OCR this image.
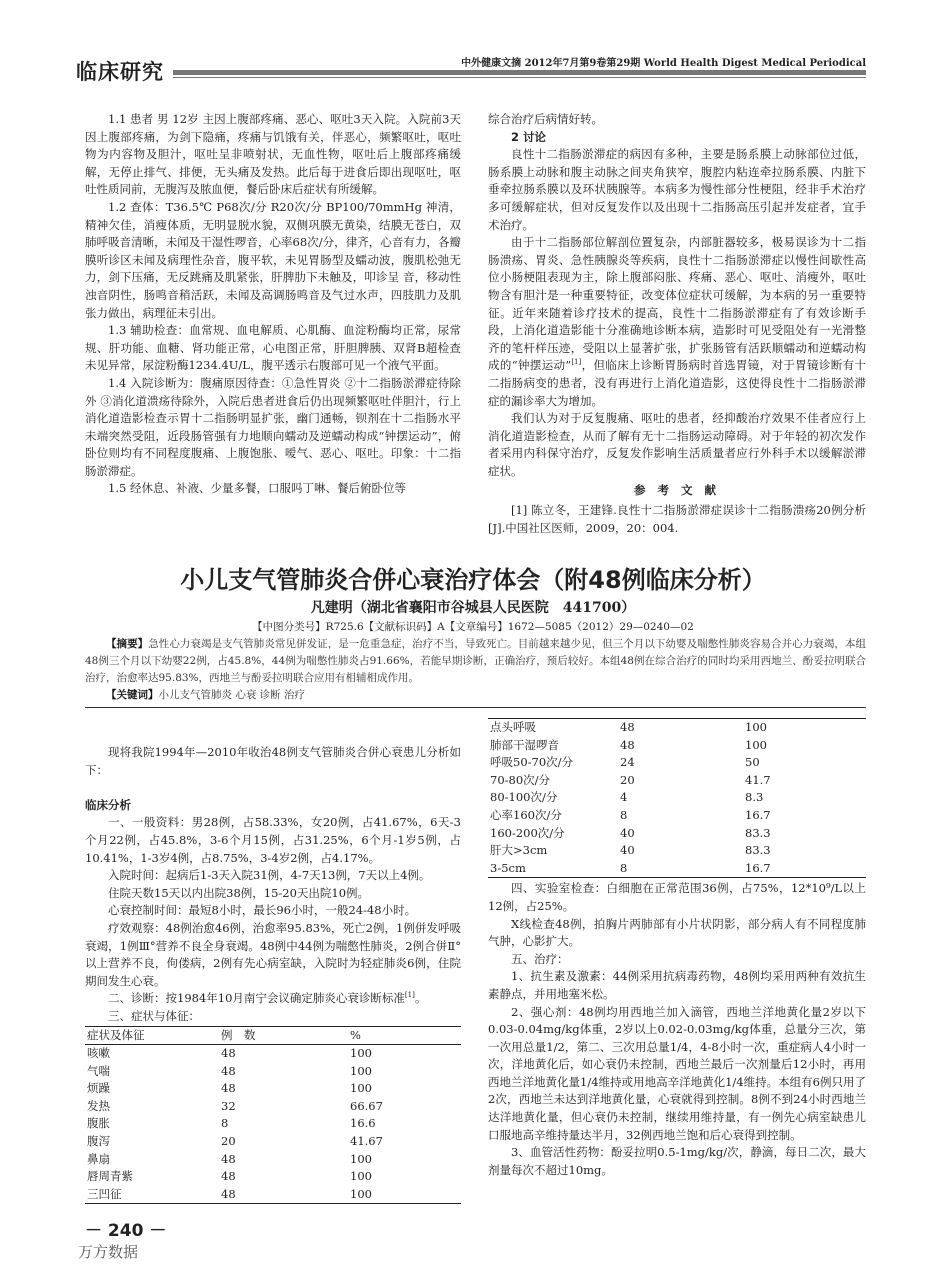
临床研究	中外健康文摘 2012年7月第9卷第29期 World Health Digest Medical Periodical

1.1 患者 男 12岁 主因上腹部疼痛、恶心、呕吐3天入院。入院前3天因上腹部疼痛，为剑下隐痛，疼痛与饥饿有关，伴恶心，频繁呕吐，呕吐物为内容物及胆汁，呕吐呈非喷射状，无血性物，呕吐后上腹部疼痛缓解，无停止排气、排便，无头痛及发热。此后每于进食后即出现呕吐，呕吐性质同前，无腹泻及脓血便，餐后卧床后症状有所缓解。

1.2 查体：T36.5℃ P68次/分 R20次/分 BP100/70mmHg 神清，精神欠佳，消瘦体质，无明显脱水貌，双侧巩膜无黄染，结膜无苍白，双肺呼吸音清晰，未闻及干湿性啰音，心率68次/分，律齐，心音有力，各瓣膜听诊区未闻及病理性杂音，腹平软，未见胃肠型及蠕动波，腹肌松弛无力，剑下压痛，无反跳痛及肌紧张，肝脾肋下未触及，叩诊呈 音，移动性浊音阴性，肠鸣音稍活跃，未闻及高调肠鸣音及气过水声，四肢肌力及肌张力做出，病理征未引出。

1.3 辅助检查：血常规、血电解质、心肌酶、血淀粉酶均正常，尿常规、肝功能、血糖、肾功能正常，心电图正常，肝胆脾胰、双肾B超检查未见异常，尿淀粉酶1234.4U/L，腹平透示右腹部可见一个液气平面。

1.4 入院诊断为：腹痛原因待查：①急性胃炎 ②十二指肠淤滞症待除外 ③消化道溃疡待除外，入院后患者进食后仍出现频繁呕吐伴胆汁，行上消化道造影检查示胃十二指肠明显扩张，幽门通畅，钡剂在十二指肠水平未端突然受阻，近段肠管强有力地顺向蠕动及逆蠕动构成“钟摆运动”，俯卧位则均有不同程度腹痛、上腹饱胀、嗳气、恶心、呕吐。印象：十二指肠淤滞症。

1.5 经休息、补液、少量多餐，口服吗丁啉、餐后俯卧位等

综合治疗后病情好转。

2 讨论

良性十二指肠淤滞症的病因有多种，主要是肠系膜上动脉部位过低，肠系膜上动脉和腹主动脉之间夹角狭窄，腹腔内粘连牵拉肠系膜、内脏下垂牵拉肠系膜以及环状胰腺等。本病多为慢性部分性梗阻，经非手术治疗多可缓解症状，但对反复发作以及出现十二指肠高压引起并发症者，宜手术治疗。

由于十二指肠部位解剖位置复杂，内部脏器较多，极易误诊为十二指肠溃疡、胃炎、急性胰腺炎等疾病，良性十二指肠淤滞症以慢性间歇性高位小肠梗阻表现为主，除上腹部闷胀、疼痛、恶心、呕吐、消瘦外，呕吐物含有胆汁是一种重要特征，改变体位症状可缓解，为本病的另一重要特征。近年来随着诊疗技术的提高，良性十二指肠淤滞症有了有效诊断手段，上消化道造影能十分准确地诊断本病，造影时可见受阻处有一光滑整齐的笔杆样压迹，受阻以上显著扩张，扩张肠管有活跃顺蠕动和逆蠕动构成的“钟摆运动”[1]，但临床上诊断胃肠病时首选胃镜，对于胃镜诊断有十二指肠病变的患者，没有再进行上消化道造影，这使得良性十二指肠淤滞症的漏诊率大为增加。

我们认为对于反复腹痛、呕吐的患者，经抑酸治疗效果不佳者应行上消化道造影检查，从而了解有无十二指肠运动障碍。对于年轻的初次发作者采用内科保守治疗，反复发作影响生活质量者应行外科手术以缓解淤滞症状。

参 考 文 献

[1] 陈立冬，王建锋.良性十二指肠淤滞症误诊十二指肠溃疡20例分析[J].中国社区医师，2009，20：004.

小儿支气管肺炎合併心衰治疗体会（附48例临床分析）
凡建明（湖北省襄阳市谷城县人民医院　441700）
【中图分类号】R725.6【文献标识码】A【文章编号】1672—5085（2012）29—0240—02

【摘要】急性心力衰竭是支气管肺炎常见併发证，是一危重急症，治疗不当，导致死亡。目前越来越少见，但三个月以下幼婴及喘憋性肺炎容易合并心力衰竭，本组48例三个月以下幼婴22例，占45.8%，44例为喘憋性肺炎占91.66%，若能早期诊断，正确治疗，预后较好。本组48例在综合治疗的同时均采用西地兰、酚妥拉明联合治疗，治愈率达95.83%，西地兰与酚妥拉明联合应用有相辅相成作用。

【关键词】小儿支气管肺炎 心衰 诊断 治疗

现将我院1994年—2010年收治48例支气管肺炎合併心衰患儿分析如下：

临床分析

一、一般资料：男28例，占58.33%，女20例，占41.67%，6天-3个月22例，占45.8%，3-6个月15例，占31.25%，6个月-1岁5例，占10.41%，1-3岁4例，占8.75%，3-4岁2例，占4.17%。

入院时间：起病后1-3天入院31例，4-7天13例，7天以上4例。

住院天数15天以内出院38例，15-20天出院10例。

心衰控制时间：最短8小时，最长96小时，一般24-48小时。

疗效观察：48例治愈46例，治愈率95.83%，死亡2例，1例併发呼吸衰竭，1例Ⅲ°营养不良全身衰竭。48例中44例为喘憋性肺炎，2例合併Ⅱ°以上营养不良，佝偻病，2例有先心病室缺，入院时为轻症肺炎6例，住院期间发生心衰。

二、诊断：按1984年10月南宁会议确定肺炎心衰诊断标准[1]。

三、症状与体征：

症状及体征	例　数	%
咳嗽	48	100
气喘	48	100
烦躁	48	100
发热	32	66.67
腹胀	8	16.6
腹泻	20	41.67
鼻扇	48	100
唇周青紫	48	100
三凹征	48	100
点头呼吸	48	100
肺部干湿啰音	48	100
呼吸50-70次/分	24	50
70-80次/分	20	41.7
80-100次/分	4	8.3
心率160次/分	8	16.7
160-200次/分	40	83.3
肝大>3cm	40	83.3
3-5cm	8	16.7

四、实验室检查：白细胞在正常范围36例，占75%，12*10⁹/L以上12例，占25%。

X线检查48例，拍胸片两肺部有小片状阴影，部分病人有不同程度肺气肿，心影扩大。

五、治疗：

1、抗生素及激素：44例采用抗病毒药物，48例均采用两种有效抗生素静点，并用地塞米松。

2、强心剂：48例均用西地兰加入滴管，西地兰洋地黄化量2岁以下0.03-0.04mg/kg体重，2岁以上0.02-0.03mg/kg体重，总量分三次，第一次用总量1/2，第二、三次用总量1/4，4-8小时一次，重症病人4小时一次，洋地黄化后，如心衰仍未控制，西地兰最后一次剂量后12小时，再用西地兰洋地黄化量1/4维持或用地高辛洋地黄化1/4维持。本组有6例只用了2次，西地兰未达到洋地黄化量，心衰就得到控制。8例不到24小时西地兰达洋地黄化量，但心衰仍未控制，继续用维持量，有一例先心病室缺患儿口服地高辛维持量达半月，32例西地兰饱和后心衰得到控制。

3、血管活性药物：酚妥拉明0.5-1mg/kg/次，静滴，每日二次，最大剂量每次不超过10mg。

－ 240 －
万方数据
